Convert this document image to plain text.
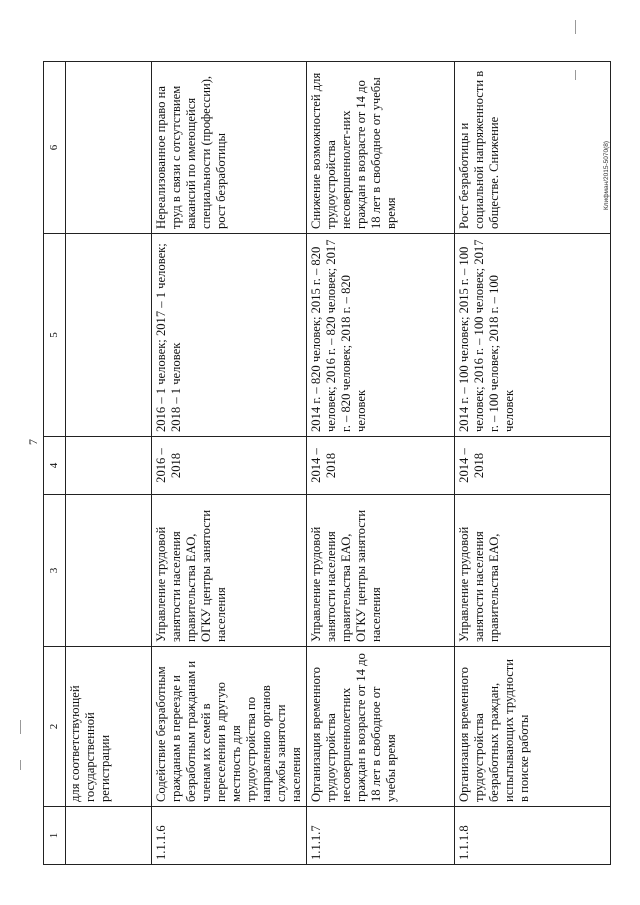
7
1	2	3	4	5	6
	для соответствующей государственной регистрации				
1.1.1.6	Содействие безработным гражданам в переезде и безработным гражданам и членам их семей в переселении в другую местность для трудоустройства по направлению органов службы занятости населения	Управление трудовой занятости населения правительства ЕАО, ОГКУ центры занятости населения	2016 – 2018	2016 – 1 человек; 2017 – 1 человек; 2018 – 1 человек	Нереализованное право на труд в связи с отсутствием вакансий по имеющейся специальности (профессии), рост безработицы
1.1.1.7	Организация временного трудоустройства несовершеннолетних граждан в возрасте от 14 до 18 лет в свободное от учебы время	Управление трудовой занятости населения правительства ЕАО, ОГКУ центры занятости населения	2014 – 2018	2014 г. – 820 человек; 2015 г. – 820 человек; 2016 г. – 820 человек; 2017 г. – 820 человек; 2018 г. – 820 человек	Снижение возможностей для трудоустройства несовершеннолет-них граждан в возрасте от 14 до 18 лет в свободное от учебы время
1.1.1.8	Организация временного трудоустройства безработных граждан, испытывающих трудности в поиске работы	Управление трудовой занятости населения правительства ЕАО,	2014 – 2018	2014 г. – 100 человек; 2015 г. – 100 человек; 2016 г. – 100 человек; 2017 г. – 100 человек; 2018 г. – 100 человек	Рост безработицы и социальной напряженности в обществе. Снижение	Клифман/2015-5070(8)
